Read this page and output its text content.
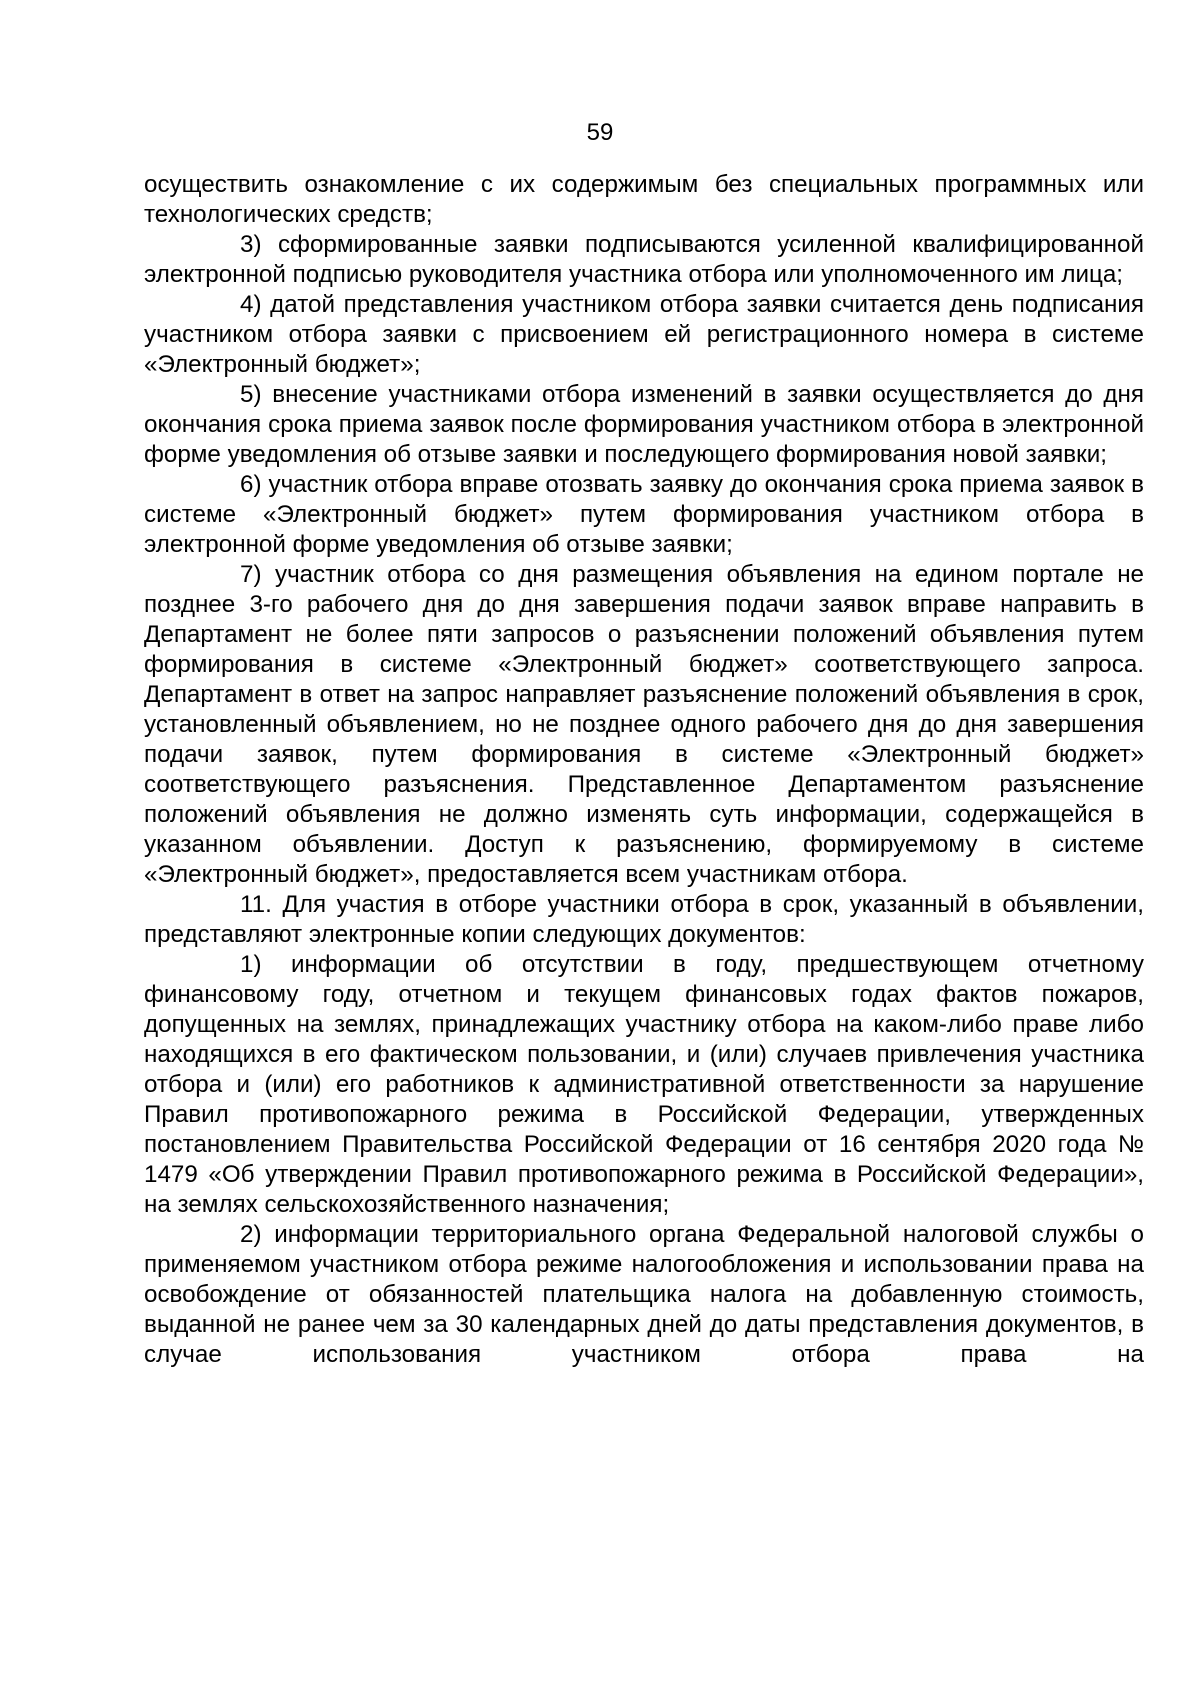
59

осуществить ознакомление с их содержимым без специальных программных или технологических средств;

3) сформированные заявки подписываются усиленной квалифицированной электронной подписью руководителя участника отбора или уполномоченного им лица;

4) датой представления участником отбора заявки считается день подписания участником отбора заявки с присвоением ей регистрационного номера в системе «Электронный бюджет»;

5) внесение участниками отбора изменений в заявки осуществляется до дня окончания срока приема заявок после формирования участником отбора в электронной форме уведомления об отзыве заявки и последующего формирования новой заявки;

6) участник отбора вправе отозвать заявку до окончания срока приема заявок в системе «Электронный бюджет» путем формирования участником отбора в электронной форме уведомления об отзыве заявки;

7) участник отбора со дня размещения объявления на едином портале не позднее 3-го рабочего дня до дня завершения подачи заявок вправе направить в Департамент не более пяти запросов о разъяснении положений объявления путем формирования в системе «Электронный бюджет» соответствующего запроса. Департамент в ответ на запрос направляет разъяснение положений объявления в срок, установленный объявлением, но не позднее одного рабочего дня до дня завершения подачи заявок, путем формирования в системе «Электронный бюджет» соответствующего разъяснения. Представленное Департаментом разъяснение положений объявления не должно изменять суть информации, содержащейся в указанном объявлении. Доступ к разъяснению, формируемому в системе «Электронный бюджет», предоставляется всем участникам отбора.

11. Для участия в отборе участники отбора в срок, указанный в объявлении, представляют электронные копии следующих документов:

1) информации об отсутствии в году, предшествующем отчетному финансовому году, отчетном и текущем финансовых годах фактов пожаров, допущенных на землях, принадлежащих участнику отбора на каком-либо праве либо находящихся в его фактическом пользовании, и (или) случаев привлечения участника отбора и (или) его работников к административной ответственности за нарушение Правил противопожарного режима в Российской Федерации, утвержденных постановлением Правительства Российской Федерации от 16 сентября 2020 года № 1479 «Об утверждении Правил противопожарного режима в Российской Федерации», на землях сельскохозяйственного назначения;

2) информации территориального органа Федеральной налоговой службы о применяемом участником отбора режиме налогообложения и использовании права на освобождение от обязанностей плательщика налога на добавленную стоимость, выданной не ранее чем за 30 календарных дней до даты представления документов, в случае использования участником отбора права на
